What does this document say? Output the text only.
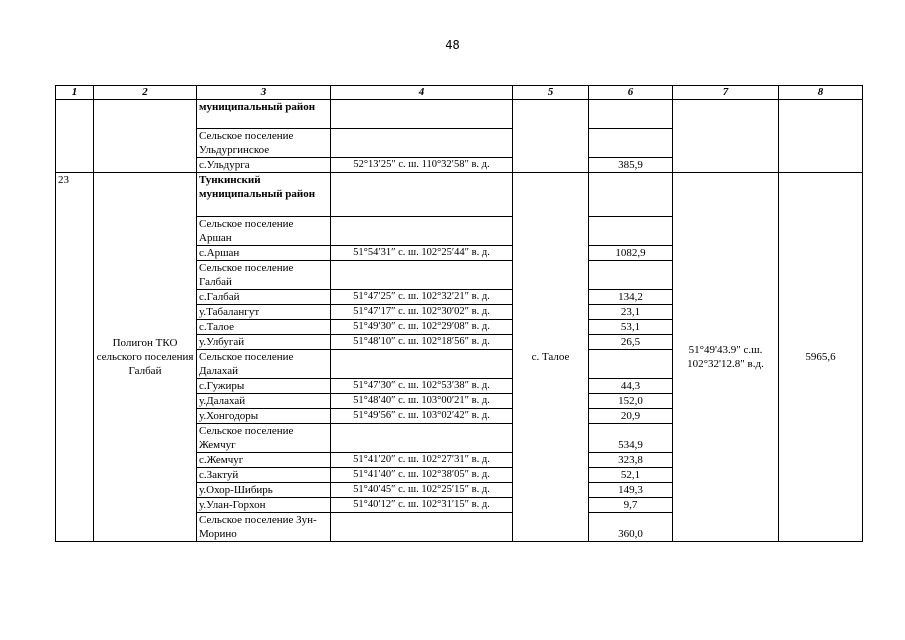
48
1	2	3	4	5	6	7	8
		муниципальный район					
		Сельское поселение Ульдургинское					
		с.Ульдурга	52°13′25″ с. ш. 110°32′58″ в. д.		385,9		
23	Полигон ТКО сельского поселения Галбай	Тункинский муниципальный район		с. Талое		51°49'43.9" с.ш. 102°32'12.8" в.д.	5965,6
		Сельское поселение Аршан					
		с.Аршан	51°54′31″ с. ш. 102°25′44″ в. д.		1082,9		
		Сельское поселение Галбай					
		с.Галбай	51°47′25″ с. ш. 102°32′21″ в. д.		134,2		
		у.Табалангут	51°47′17″ с. ш. 102°30′02″ в. д.		23,1		
		с.Талое	51°49′30″ с. ш. 102°29′08″ в. д.		53,1		
		у.Улбугай	51°48′10″ с. ш. 102°18′56″ в. д.		26,5		
		Сельское поселение Далахай					
		с.Гужиры	51°47′30″ с. ш. 102°53′38″ в. д.		44,3		
		у.Далахай	51°48′40″ с. ш. 103°00′21″ в. д.		152,0		
		у.Хонгодоры	51°49′56″ с. ш. 103°02′42″ в. д.		20,9		
		Сельское поселение Жемчуг			534,9		
		с.Жемчуг	51°41′20″ с. ш. 102°27′31″ в. д.		323,8		
		с.Зактуй	51°41′40″ с. ш. 102°38′05″ в. д.		52,1		
		у.Охор-Шибирь	51°40′45″ с. ш. 102°25′15″ в. д.		149,3		
		у.Улан-Горхон	51°40′12″ с. ш. 102°31′15″ в. д.		9,7		
		Сельское поселение Зун-Морино			360,0		
